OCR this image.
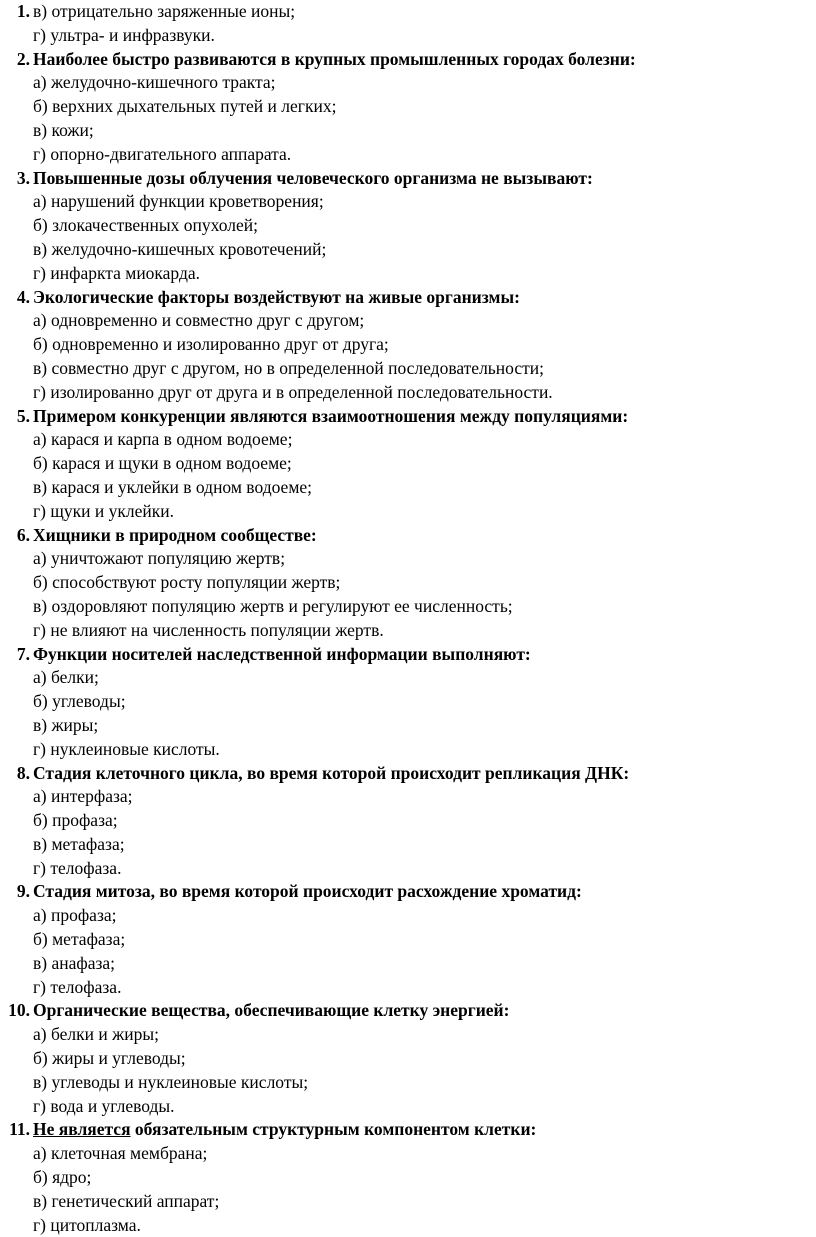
1. в) отрицательно заряженные ионы;
г) ультра- и инфразвуки.
2. Наиболее быстро развиваются в крупных промышленных городах болезни:
а) желудочно-кишечного тракта;
б) верхних дыхательных путей и легких;
в) кожи;
г) опорно-двигательного аппарата.
3. Повышенные дозы облучения человеческого организма не вызывают:
а) нарушений функции кроветворения;
б) злокачественных опухолей;
в) желудочно-кишечных кровотечений;
г) инфаркта миокарда.
4. Экологические факторы воздействуют на живые организмы:
а) одновременно и совместно друг с другом;
б) одновременно и изолированно друг от друга;
в) совместно друг с другом, но в определенной последовательности;
г) изолированно друг от друга и в определенной последовательности.
5. Примером конкуренции являются взаимоотношения между популяциями:
а) карася и карпа в одном водоеме;
б) карася и щуки в одном водоеме;
в) карася и уклейки в одном водоеме;
г) щуки и уклейки.
6. Хищники в природном сообществе:
а) уничтожают популяцию жертв;
б) способствуют росту популяции жертв;
в) оздоровляют популяцию жертв и регулируют ее численность;
г) не влияют на численность популяции жертв.
7. Функции носителей наследственной информации выполняют:
а) белки;
б) углеводы;
в) жиры;
г) нуклеиновые кислоты.
8. Стадия клеточного цикла, во время которой происходит репликация ДНК:
а) интерфаза;
б) профаза;
в) метафаза;
г) телофаза.
9. Стадия митоза, во время которой происходит расхождение хроматид:
а) профаза;
б) метафаза;
в) анафаза;
г) телофаза.
10. Органические вещества, обеспечивающие клетку энергией:
а) белки и жиры;
б) жиры и углеводы;
в) углеводы и нуклеиновые кислоты;
г) вода и углеводы.
11. Не является обязательным структурным компонентом клетки:
а) клеточная мембрана;
б) ядро;
в) генетический аппарат;
г) цитоплазма.
